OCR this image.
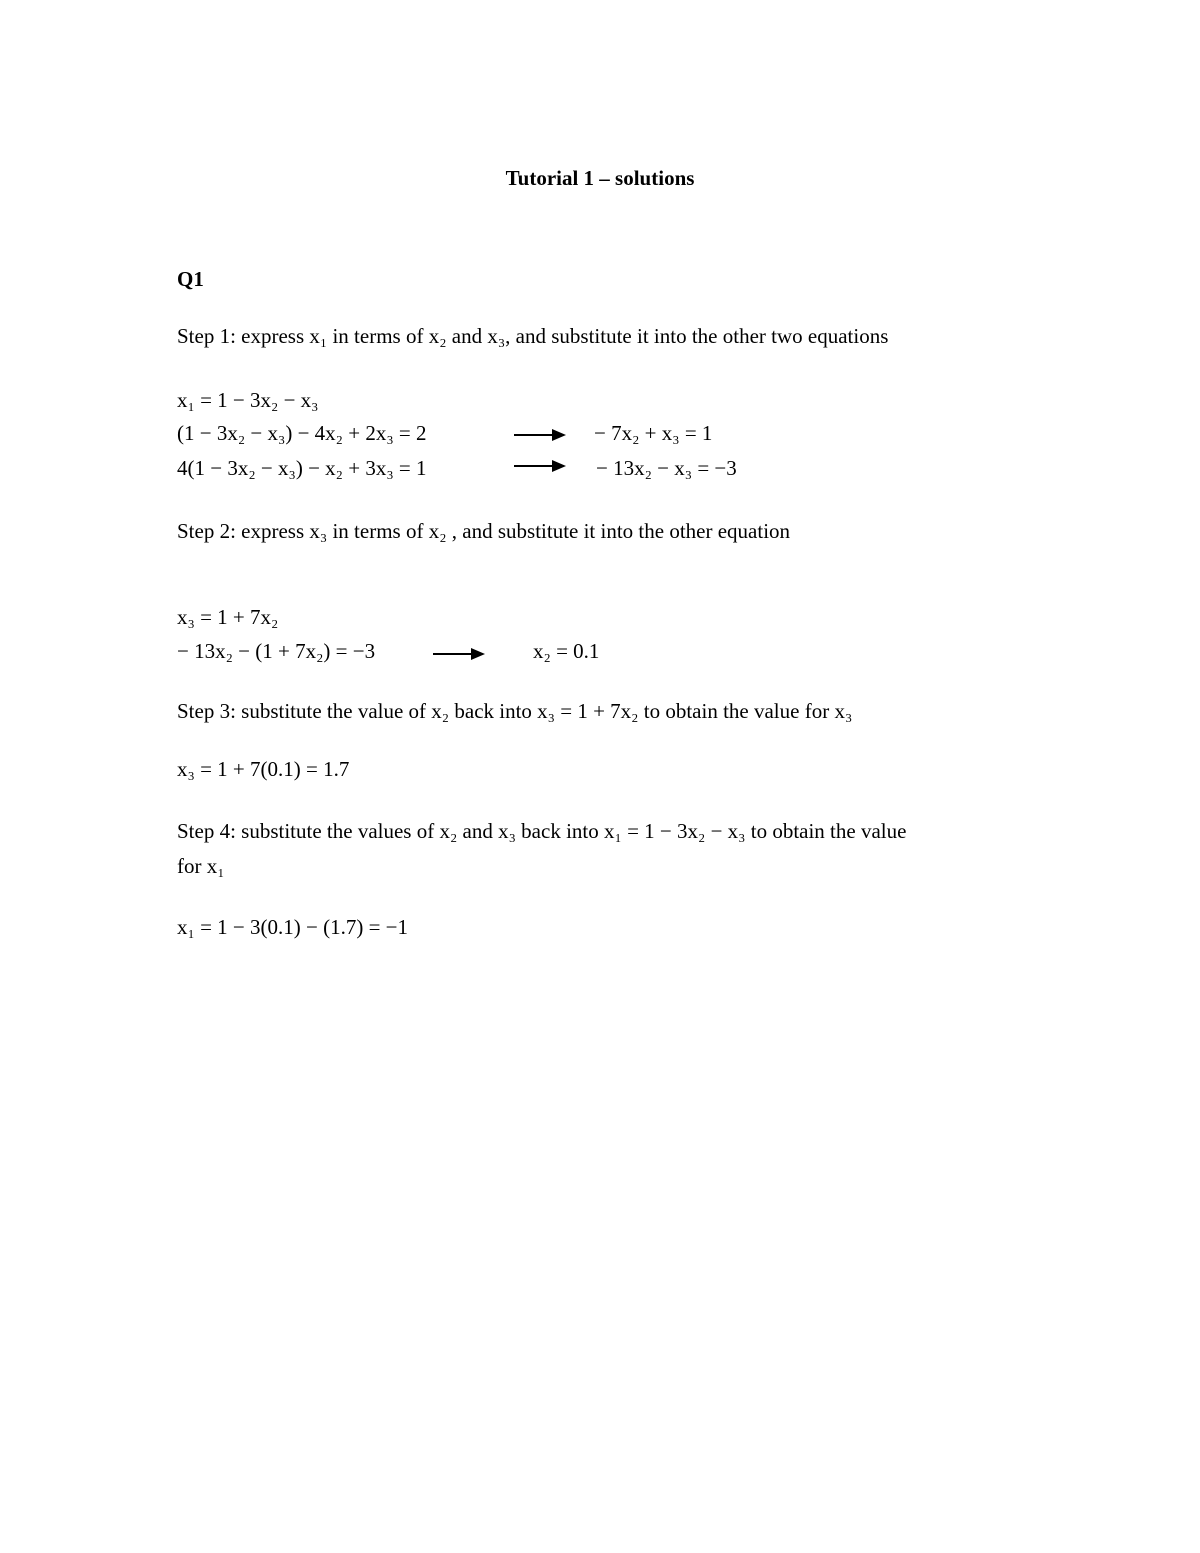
Tutorial 1 – solutions
Q1
Step 1: express x₁ in terms of x₂ and x₃, and substitute it into the other two equations
x₁ = 1 − 3x₂ − x₃
(1 − 3x₂ − x₃) − 4x₂ + 2x₃ = 2	− 7x₂ + x₃ = 1
4(1 − 3x₂ − x₃) − x₂ + 3x₃ = 1	− 13x₂ − x₃ = −3
Step 2: express x₃ in terms of x₂ , and substitute it into the other equation
x₃ = 1 + 7x₂
− 13x₂ − (1 + 7x₂) = −3	x₂ = 0.1
Step 3: substitute the value of x₂ back into x₃ = 1 + 7x₂ to obtain the value for x₃
x₃ = 1 + 7(0.1) = 1.7
Step 4: substitute the values of x₂ and x₃ back into x₁ = 1 − 3x₂ − x₃ to obtain the value
for x₁
x₁ = 1 − 3(0.1) − (1.7) = −1
